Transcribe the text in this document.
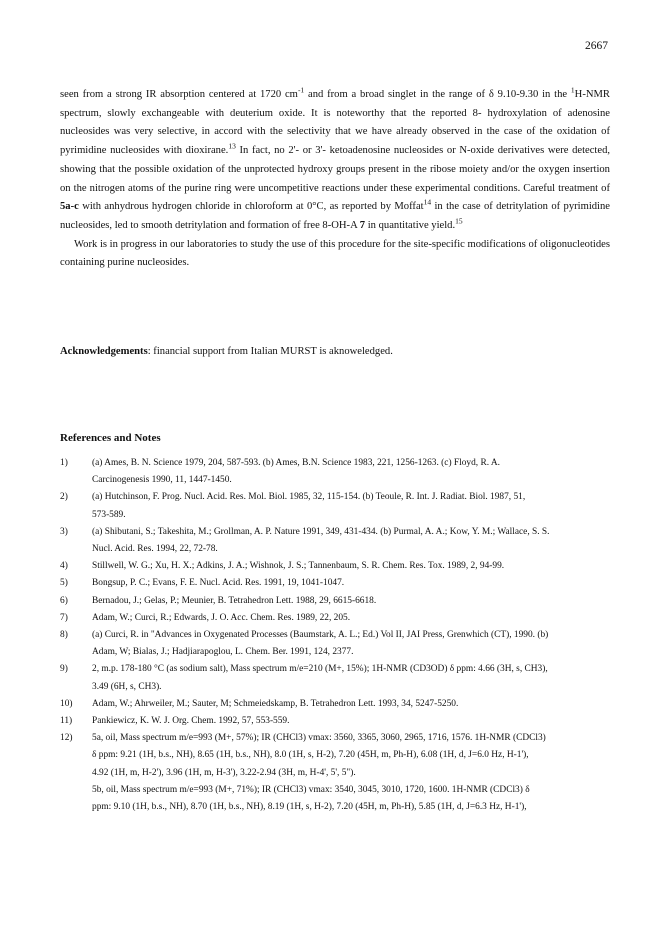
2667

seen from a strong IR absorption centered at 1720 $cm^{-1}$ and from a broad singlet in the range of δ 9.10-9.30 in the $^1$H-NMR spectrum, slowly exchangeable with deuterium oxide. It is noteworthy that the reported 8- hydroxylation of adenosine nucleosides was very selective, in accord with the selectivity that we have already observed in the case of the oxidation of pyrimidine nucleosides with dioxirane.$^{13}$ In fact, no 2'- or 3'- ketoadenosine nucleosides or N-oxide derivatives were detected, showing that the possible oxidation of the unprotected hydroxy groups present in the ribose moiety and/or the oxygen insertion on the nitrogen atoms of the purine ring were uncompetitive reactions under these experimental conditions. Careful treatment of 5a-c with anhydrous hydrogen chloride in chloroform at 0°C, as reported by Moffat$^{14}$ in the case of detritylation of pyrimidine nucleosides, led to smooth detritylation and formation of free 8-OH-A 7 in quantitative yield.$^{15}$

Work is in progress in our laboratories to study the use of this procedure for the site-specific modifications of oligonucleotides containing purine nucleosides.

Acknowledgements: financial support from Italian MURST is aknoweledged.
References and Notes
1)	(a) Ames, B. N. Science 1979, 204, 587-593. (b) Ames, B.N. Science 1983, 221, 1256-1263. (c) Floyd, R. A.
Carcinogenesis 1990, 11, 1447-1450.
2)	(a) Hutchinson, F. Prog. Nucl. Acid. Res. Mol. Biol. 1985, 32, 115-154. (b) Teoule, R. Int. J. Radiat. Biol. 1987, 51,
573-589.
3)	(a) Shibutani, S.; Takeshita, M.; Grollman, A. P. Nature 1991, 349, 431-434. (b) Purmal, A. A.; Kow, Y. M.; Wallace, S. S.
Nucl. Acid. Res. 1994, 22, 72-78.
4)	Stillwell, W. G.; Xu, H. X.; Adkins, J. A.; Wishnok, J. S.; Tannenbaum, S. R. Chem. Res. Tox. 1989, 2, 94-99.
5)	Bongsup, P. C.; Evans, F. E. Nucl. Acid. Res. 1991, 19, 1041-1047.
6)	Bernadou, J.; Gelas, P.; Meunier, B. Tetrahedron Lett. 1988, 29, 6615-6618.
7)	Adam, W.; Curci, R.; Edwards, J. O. Acc. Chem. Res. 1989, 22, 205.
8)	(a) Curci, R. in "Advances in Oxygenated Processes (Baumstark, A. L.; Ed.) Vol II, JAI Press, Grenwhich (CT), 1990. (b)
Adam, W; Bialas, J.; Hadjiarapoglou, L. Chem. Ber. 1991, 124, 2377.
9)	2, m.p. 178-180 °C (as sodium salt), Mass spectrum m/e=210 (M+, 15%); 1H-NMR (CD3OD) δ ppm: 4.66 (3H, s, CH3),
3.49 (6H, s, CH3).
10)	Adam, W.; Ahrweiler, M.; Sauter, M; Schmeiedskamp, B. Tetrahedron Lett. 1993, 34, 5247-5250.
11)	Pankiewicz, K. W. J. Org. Chem. 1992, 57, 553-559.
12)	5a, oil, Mass spectrum m/e=993 (M+, 57%); IR (CHCl3) vmax: 3560, 3365, 3060, 2965, 1716, 1576. 1H-NMR (CDCl3)
δ ppm: 9.21 (1H, b.s., NH), 8.65 (1H, b.s., NH), 8.0 (1H, s, H-2), 7.20 (45H, m, Ph-H), 6.08 (1H, d, J=6.0 Hz, H-1'),
4.92 (1H, m, H-2'), 3.96 (1H, m, H-3'), 3.22-2.94 (3H, m, H-4', 5', 5").
5b, oil, Mass spectrum m/e=993 (M+, 71%); IR (CHCl3) vmax: 3540, 3045, 3010, 1720, 1600. 1H-NMR (CDCl3) δ
ppm: 9.10 (1H, b.s., NH), 8.70 (1H, b.s., NH), 8.19 (1H, s, H-2), 7.20 (45H, m, Ph-H), 5.85 (1H, d, J=6.3 Hz, H-1'),
